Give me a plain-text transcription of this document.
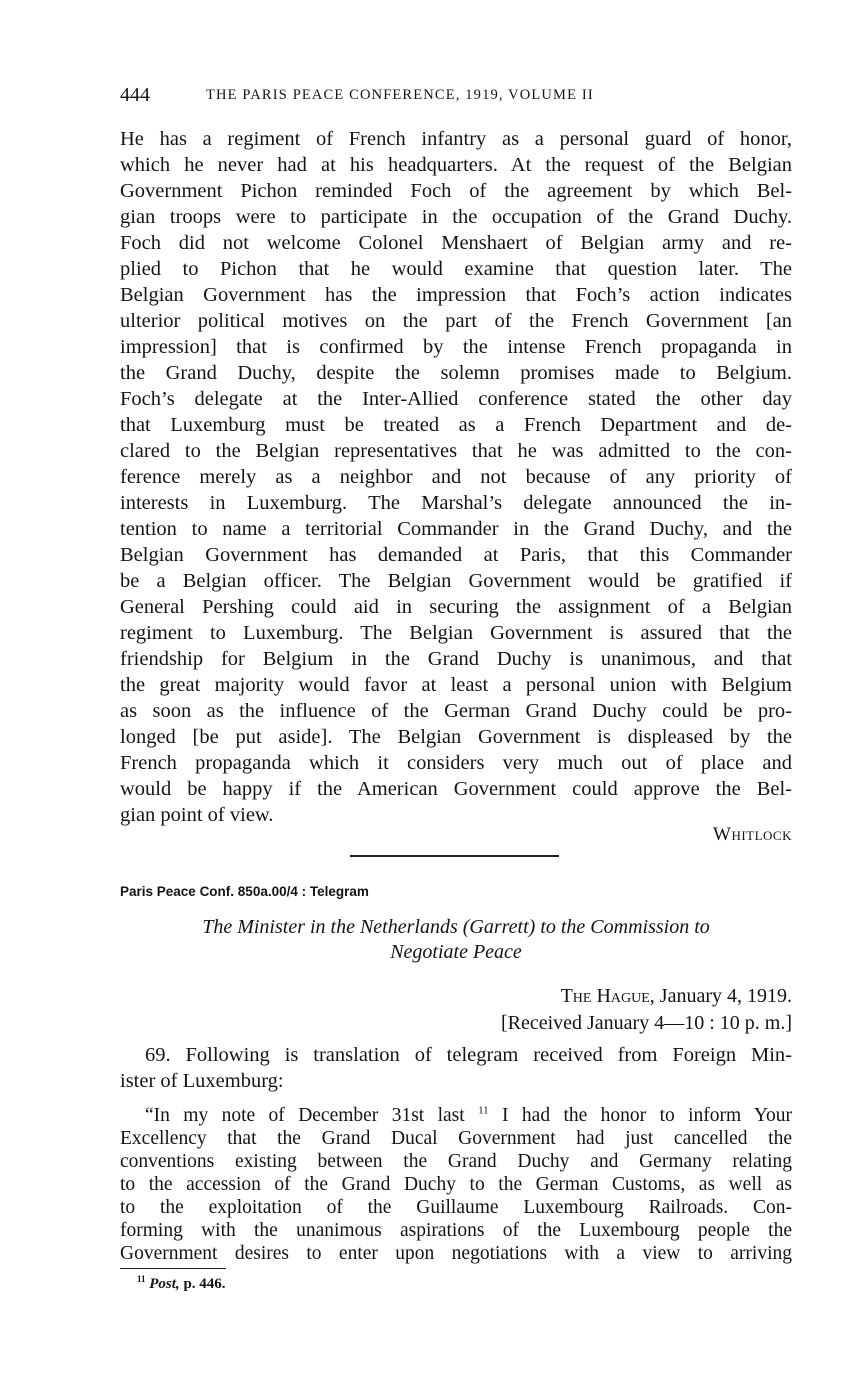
444	THE PARIS PEACE CONFERENCE, 1919, VOLUME II
He has a regiment of French infantry as a personal guard of honor,
which he never had at his headquarters. At the request of the Belgian
Government Pichon reminded Foch of the agreement by which Bel-
gian troops were to participate in the occupation of the Grand Duchy.
Foch did not welcome Colonel Menshaert of Belgian army and re-
plied to Pichon that he would examine that question later. The
Belgian Government has the impression that Foch’s action indicates
ulterior political motives on the part of the French Government [an
impression] that is confirmed by the intense French propaganda in
the Grand Duchy, despite the solemn promises made to Belgium.
Foch’s delegate at the Inter-Allied conference stated the other day
that Luxemburg must be treated as a French Department and de-
clared to the Belgian representatives that he was admitted to the con-
ference merely as a neighbor and not because of any priority of
interests in Luxemburg. The Marshal’s delegate announced the in-
tention to name a territorial Commander in the Grand Duchy, and the
Belgian Government has demanded at Paris, that this Commander
be a Belgian officer. The Belgian Government would be gratified if
General Pershing could aid in securing the assignment of a Belgian
regiment to Luxemburg. The Belgian Government is assured that the
friendship for Belgium in the Grand Duchy is unanimous, and that
the great majority would favor at least a personal union with Belgium
as soon as the influence of the German Grand Duchy could be pro-
longed [be put aside]. The Belgian Government is displeased by the
French propaganda which it considers very much out of place and
would be happy if the American Government could approve the Bel-
gian point of view.
Whitlock
Paris Peace Conf. 850a.00/4 : Telegram
The Minister in the Netherlands (Garrett) to the Commission to
Negotiate Peace
The Hague, January 4, 1919.
[Received January 4—10 : 10 p. m.]
69. Following is translation of telegram received from Foreign Min-
ister of Luxemburg:
“In my note of December 31st last $^{11}$ I had the honor to inform Your
Excellency that the Grand Ducal Government had just cancelled the
conventions existing between the Grand Duchy and Germany relating
to the accession of the Grand Duchy to the German Customs, as well as
to the exploitation of the Guillaume Luxembourg Railroads. Con-
forming with the unanimous aspirations of the Luxembourg people the
Government desires to enter upon negotiations with a view to arriving
$^{11}$ Post, p. 446.
